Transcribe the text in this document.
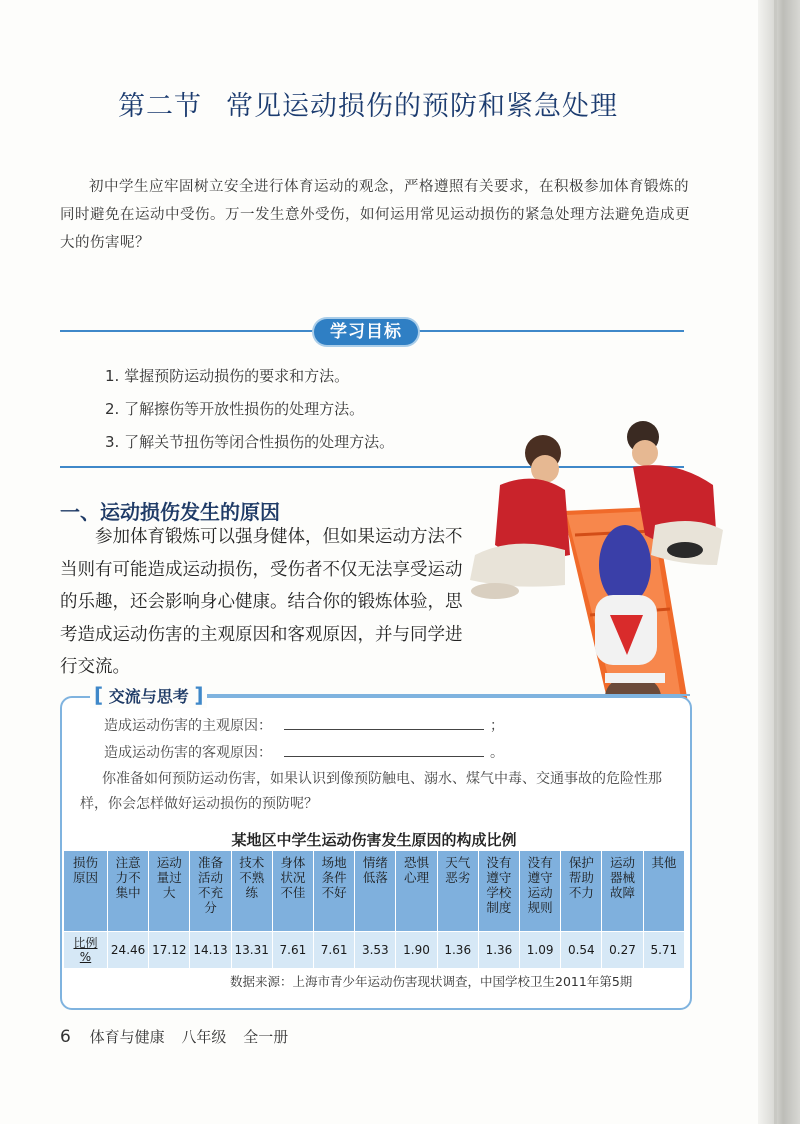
第二节 常见运动损伤的预防和紧急处理
初中学生应牢固树立安全进行体育运动的观念，严格遵照有关要求，在积极参加体育锻炼的同时避免在运动中受伤。万一发生意外受伤，如何运用常见运动损伤的紧急处理方法避免造成更大的伤害呢？
学习目标
1. 掌握预防运动损伤的要求和方法。
2. 了解擦伤等开放性损伤的处理方法。
3. 了解关节扭伤等闭合性损伤的处理方法。
一、运动损伤发生的原因
参加体育锻炼可以强身健体，但如果运动方法不当则有可能造成运动损伤，受伤者不仅无法享受运动的乐趣，还会影响身心健康。结合你的锻炼体验，思考造成运动伤害的主观原因和客观原因，并与同学进行交流。
[ 交流与思考 ]
造成运动伤害的主观原因：	；
造成运动伤害的客观原因：	。
你准备如何预防运动伤害，如果认识到像预防触电、溺水、煤气中毒、交通事故的危险性那样，你会怎样做好运动损伤的预防呢？
某地区中学生运动伤害发生原因的构成比例
损伤
原因	注意
力不
集中	运动
量过
大	准备
活动
不充
分	技术
不熟
练	身体
状况
不佳	场地
条件
不好	情绪
低落	恐惧
心理	天气
恶劣	没有
遵守
学校
制度	没有
遵守
运动
规则	保护
帮助
不力	运动
器械
故障	其他
比例
%	24.46	17.12	14.13	13.31	7.61	7.61	3.53	1.90	1.36	1.36	1.09	0.54	0.27	5.71
数据来源：上海市青少年运动伤害现状调查，中国学校卫生2011年第5期
6 体育与健康 八年级 全一册
